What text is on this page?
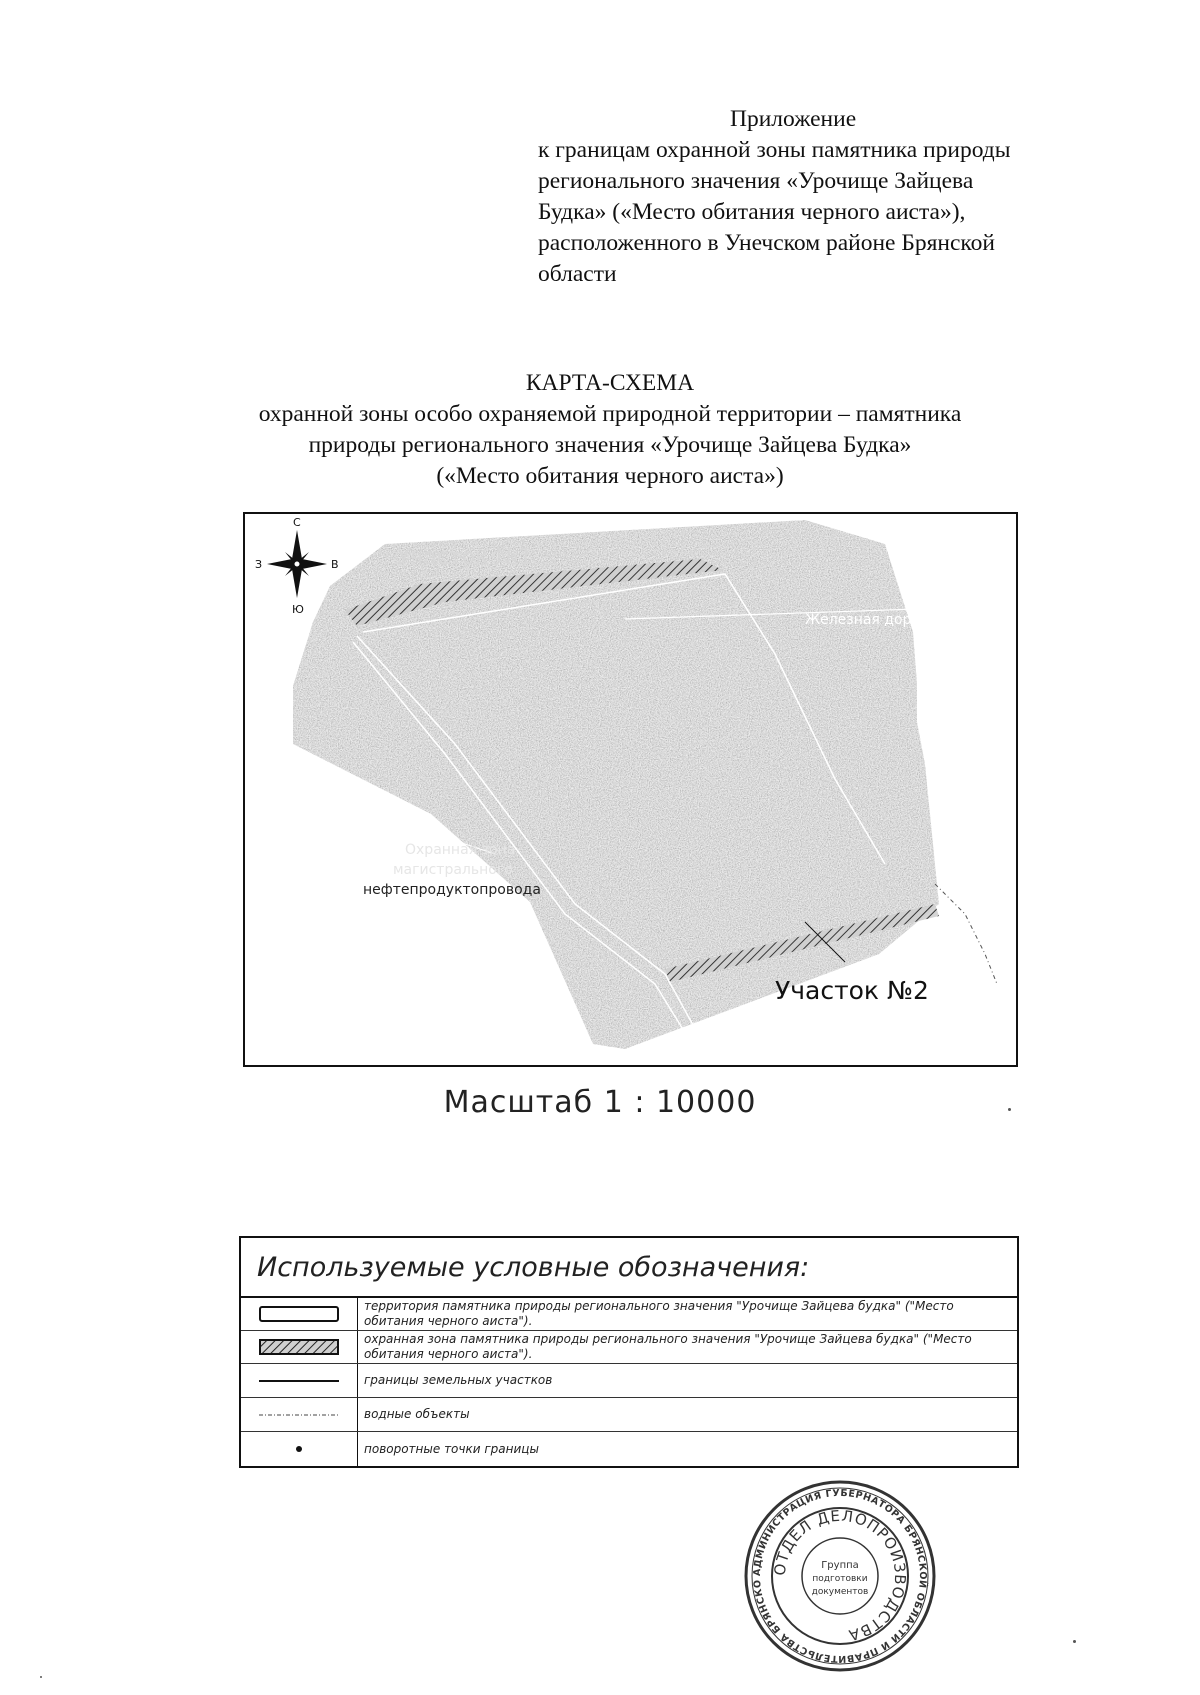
Приложение

к границам охранной зоны памятника природы

регионального значения «Урочище Зайцева

Будка» («Место обитания черного аиста»),

расположенного в Унечском районе Брянской

области

КАРТА-СХЕМА

охранной зоны особо охраняемой природной территории – памятника

природы регионального значения «Урочище Зайцева Будка»

(«Место обитания черного аиста»)

С
Ю
З	В	Участок №1
Железная дорога
Охранная зона
магистрального
нефтепродуктопровода
Участок №2
Масштаб 1 : 10000
Используемые условные обозначения:
территория памятника природы регионального значения "Урочище Зайцева будка" ("Место обитания черного аиста").
охранная зона памятника природы регионального значения "Урочище Зайцева будка" ("Место обитания черного аиста").
границы земельных участков
водные объекты
поворотные точки границы
АДМИНИСТРАЦИЯ ГУБЕРНАТОРА БРЯНСКОЙ ОБЛАСТИ И ПРАВИТЕЛЬСТВА БРЯНСКО
ОТДЕЛ ДЕЛОПРОИЗВОДСТВА
Группа
подготовки
документов
